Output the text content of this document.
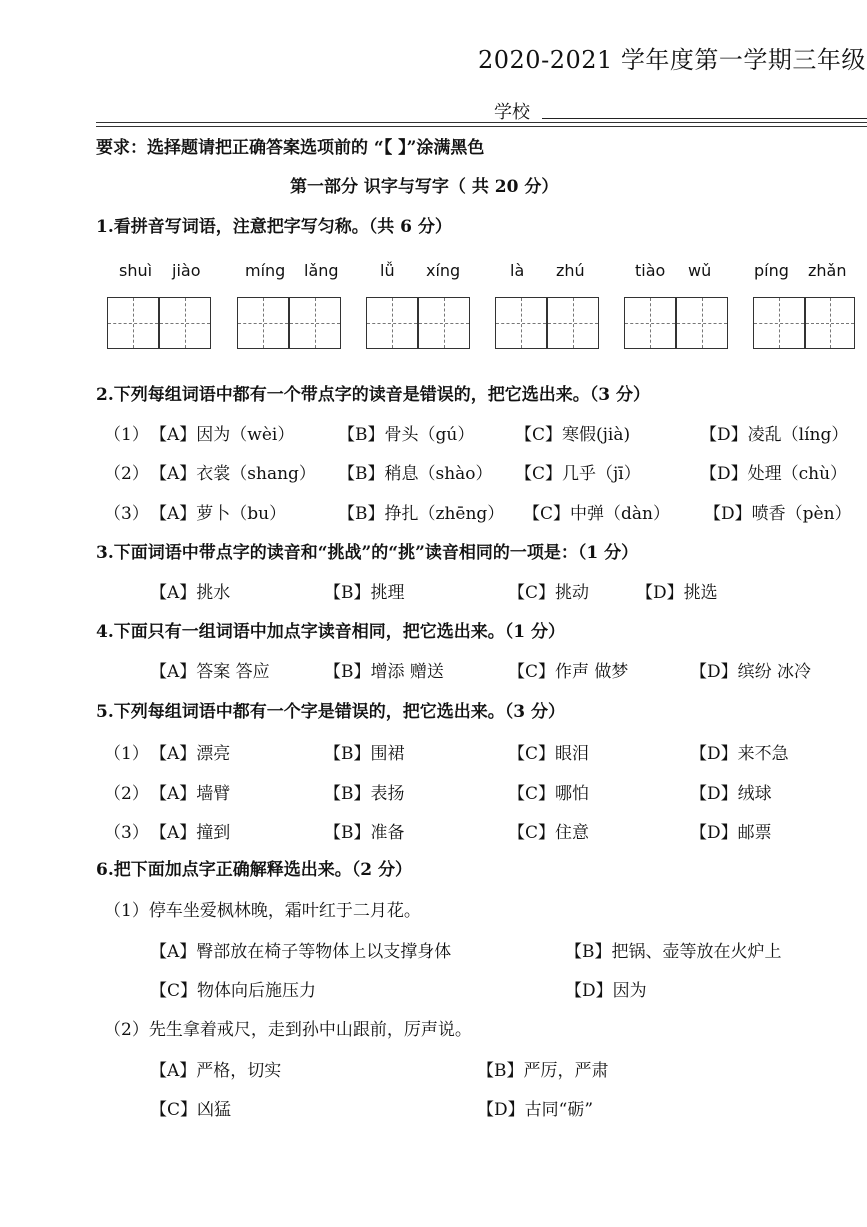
2020-2021 学年度第一学期三年级
学校
要求：选择题请把正确答案选项前的 “【 】”涂满黑色
第一部分 识字与写字（ 共 20 分）
1.看拼音写词语，注意把字写匀称。（共 6 分）
shuì jiào	míng lǎng	lǚ xíng	là zhú	tiào wǔ	píng zhǎn
2.下列每组词语中都有一个带点字的读音是错误的，把它选出来。（3 分）
（1） 【A】因为（wèi）	【B】骨头（gú） 【C】寒假(jià)	【D】凌乱（líng）
（2） 【A】衣裳（shang） 【B】稍息（shào） 【C】几乎（jī）	【D】处理（chù）
（3） 【A】萝卜（bu）	【B】挣扎（zhēng） 【C】中弹（dàn） 【D】喷香（pèn）
3.下面词语中带点字的读音和“挑战”的“挑”读音相同的一项是：（1 分）
【A】挑水	【B】挑理	【C】挑动	【D】挑选
4.下面只有一组词语中加点字读音相同，把它选出来。（1 分）
【A】答案 答应	【B】增添 赠送	【C】作声 做梦	【D】缤纷 冰冷
5.下列每组词语中都有一个字是错误的，把它选出来。（3 分）
（1） 【A】漂亮	【B】围裙	【C】眼泪	【D】来不急
（2） 【A】墙臂	【B】表扬	【C】哪怕	【D】绒球
（3） 【A】撞到	【B】准备	【C】住意	【D】邮票
6.把下面加点字正确解释选出来。（2 分）
（1）停车坐爱枫林晚，霜叶红于二月花。
【A】臀部放在椅子等物体上以支撑身体	【B】把锅、壶等放在火炉上
【C】物体向后施压力	【D】因为
（2）先生拿着戒尺，走到孙中山跟前，厉声说。
【A】严格，切实	【B】严厉，严肃
【C】凶猛	【D】古同“砺”
